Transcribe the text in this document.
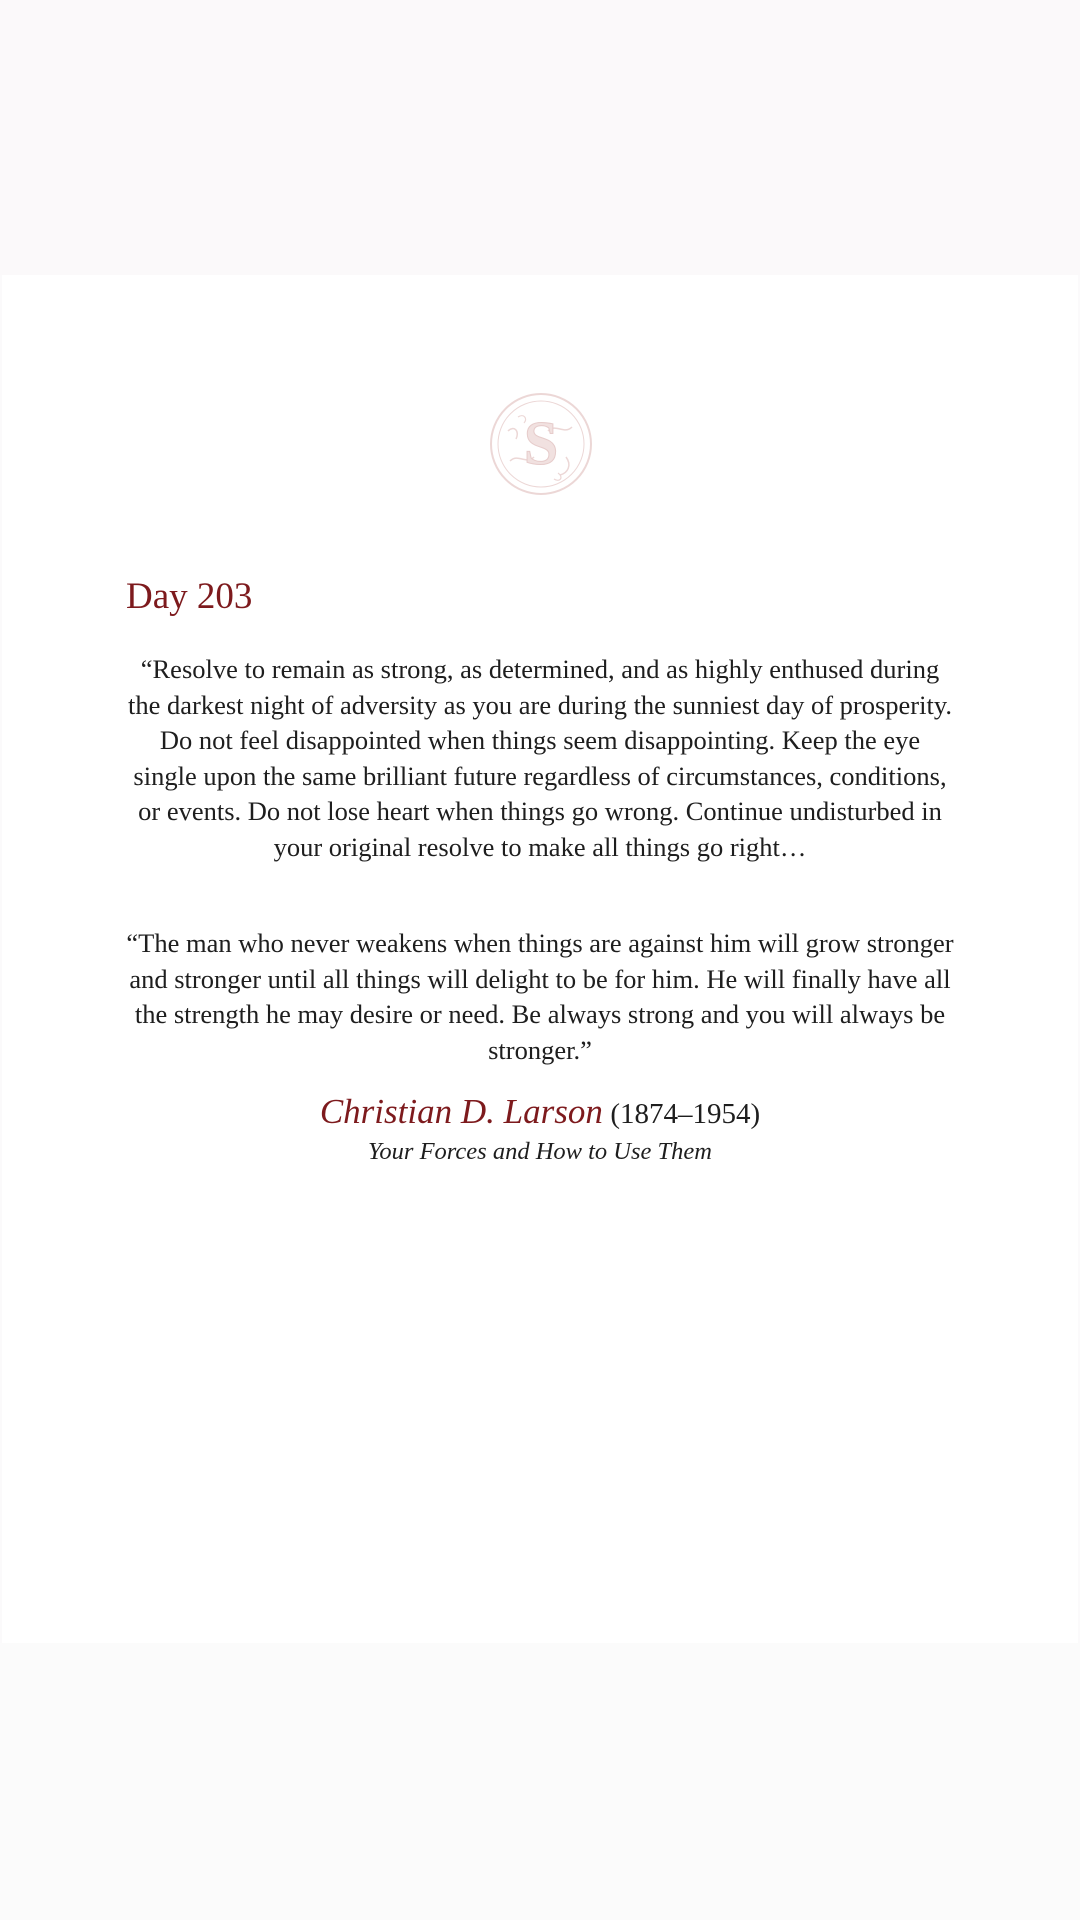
S
Day 203

“Resolve to remain as strong, as determined, and as highly enthused during the darkest night of adversity as you are during the sunniest day of prosperity. Do not feel disappointed when things seem disappointing. Keep the eye single upon the same brilliant future regardless of circumstances, conditions, or events. Do not lose heart when things go wrong. Continue undisturbed in your original resolve to make all things go right…

“The man who never weakens when things are against him will grow stronger and stronger until all things will delight to be for him. He will finally have all the strength he may desire or need. Be always strong and you will always be stronger.”

Christian D. Larson (1874–1954)
Your Forces and How to Use Them
